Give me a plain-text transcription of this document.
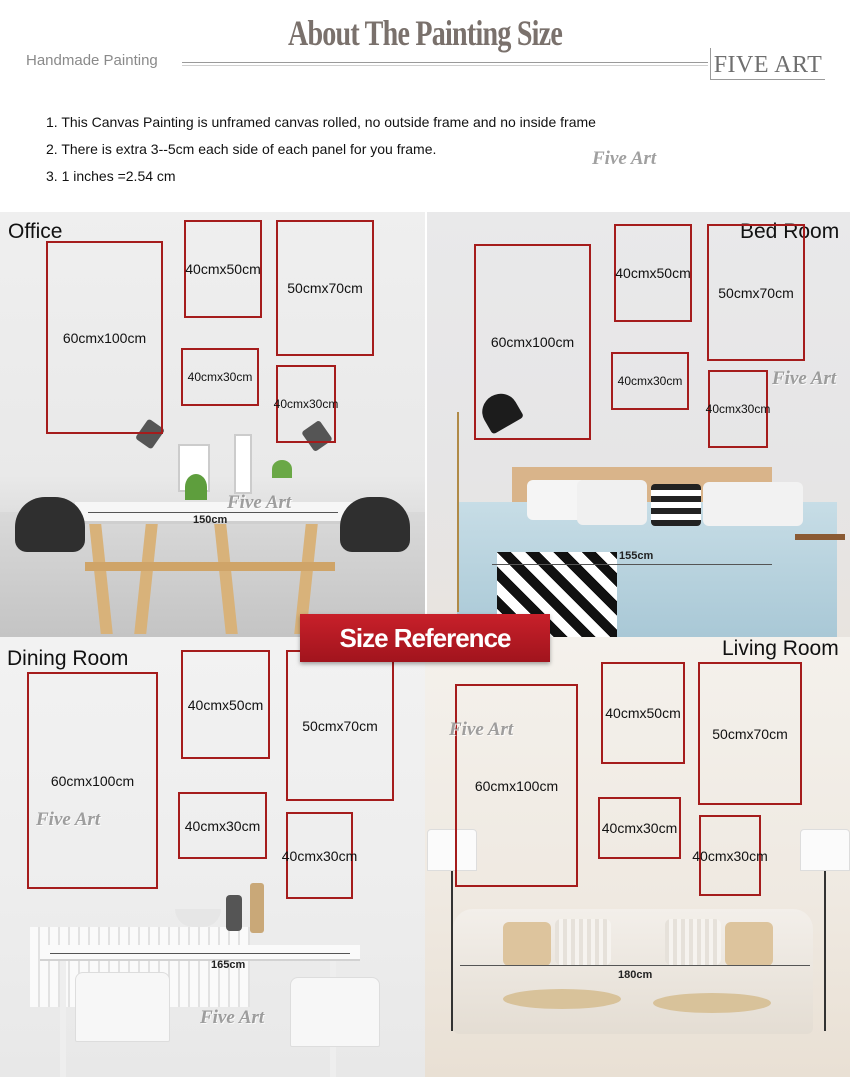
About The Painting Size
Handmade Painting	FIVE ART
1. This Canvas Painting is unframed canvas rolled, no outside frame and no inside frame
2. There is extra 3--5cm each side of each panel for you frame.
3. 1 inches =2.54 cm
Five Art
Office
60cmx100cm
40cmx50cm
50cmx70cm
40cmx30cm
40cmx30cm
150cm
Five Art
Bed Room
60cmx100cm
40cmx50cm
50cmx70cm
40cmx30cm
40cmx30cm
155cm
Five Art
Dining Room
60cmx100cm
40cmx50cm
50cmx70cm
40cmx30cm
40cmx30cm
165cm
Five Art
Five Art
Living Room
60cmx100cm
40cmx50cm
50cmx70cm
40cmx30cm
40cmx30cm
180cm
Five Art
Size Reference
